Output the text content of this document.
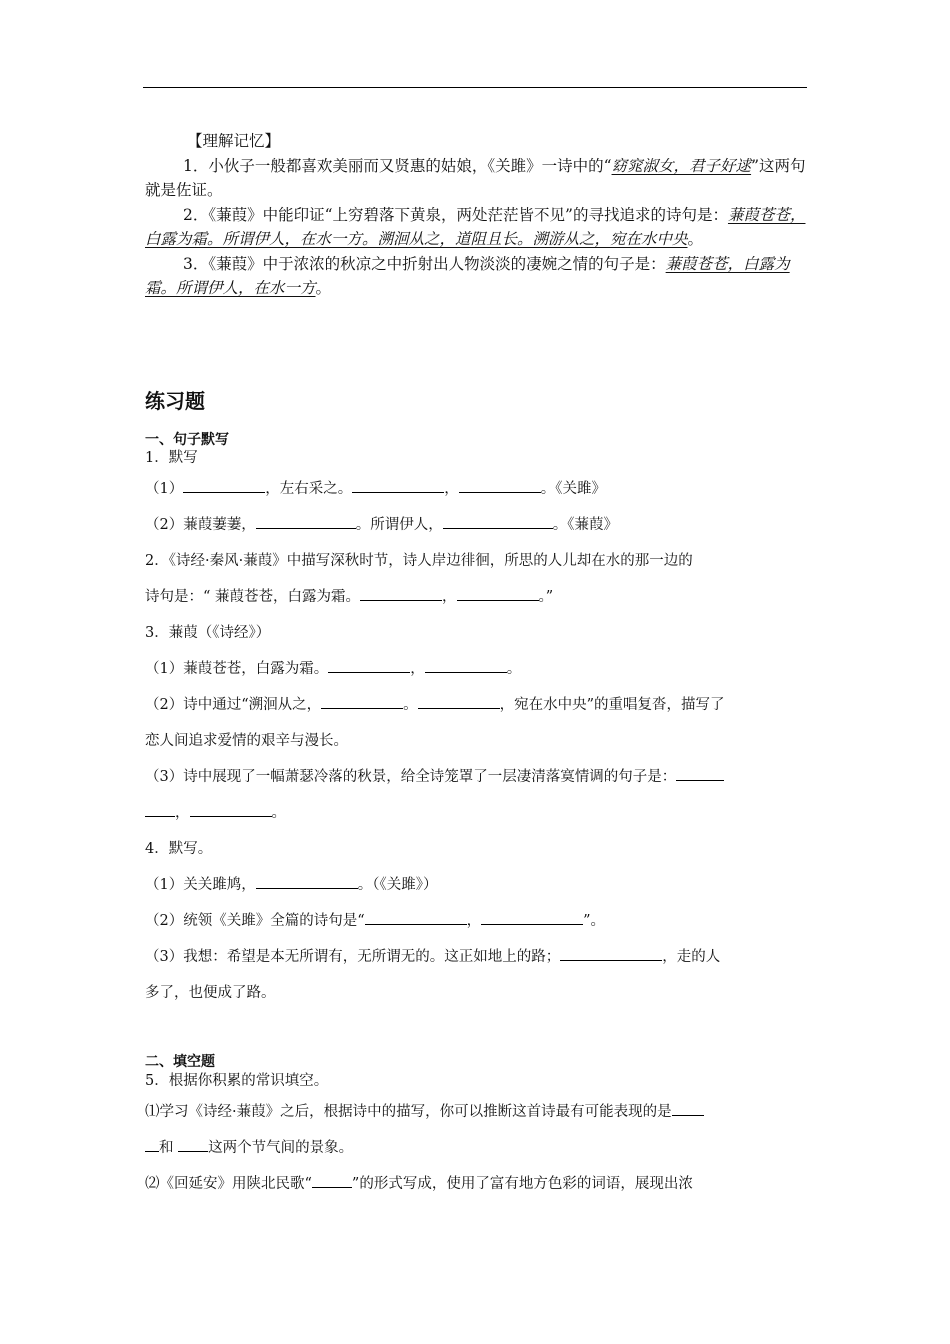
【理解记忆】

1．小伙子一般都喜欢美丽而又贤惠的姑娘，《关雎》一诗中的“窈窕淑女，君子好逑”这两句就是佐证。

2．《蒹葭》中能印证“上穷碧落下黄泉，两处茫茫皆不见”的寻找追求的诗句是：蒹葭苍苍，白露为霜。所谓伊人，在水一方。溯洄从之，道阻且长。溯游从之，宛在水中央。

3．《蒹葭》中于浓浓的秋凉之中折射出人物淡淡的凄婉之情的句子是：蒹葭苍苍，白露为霜。所谓伊人，在水一方。

练习题
一、句子默写

1．默写

（1）	，左右采之。	，	。《关雎》

（2）蒹葭萋萋，	。所谓伊人，	。《蒹葭》

2．《诗经·秦风·蒹葭》中描写深秋时节，诗人岸边徘徊，所思的人儿却在水的那一边的

诗句是：“ 蒹葭苍苍，白露为霜。	，	。”

3．蒹葭（《诗经》）

（1）蒹葭苍苍，白露为霜。	，	。

（2）诗中通过“溯洄从之，	。	，宛在水中央”的重唱复沓，描写了

恋人间追求爱情的艰辛与漫长。

（3）诗中展现了一幅萧瑟冷落的秋景，给全诗笼罩了一层凄清落寞情调的句子是：

，	。

4．默写。

（1）关关雎鸠，	。（《关雎》）

（2）统领《关雎》全篇的诗句是“	，	”。

（3）我想：希望是本无所谓有，无所谓无的。这正如地上的路；	，走的人

多了，也便成了路。

二、填空题

5．根据你积累的常识填空。

⑴学习《诗经·蒹葭》之后，根据诗中的描写，你可以推断这首诗最有可能表现的是

和 这两个节气间的景象。

⑵《回延安》用陕北民歌“	”的形式写成，使用了富有地方色彩的词语，展现出浓
